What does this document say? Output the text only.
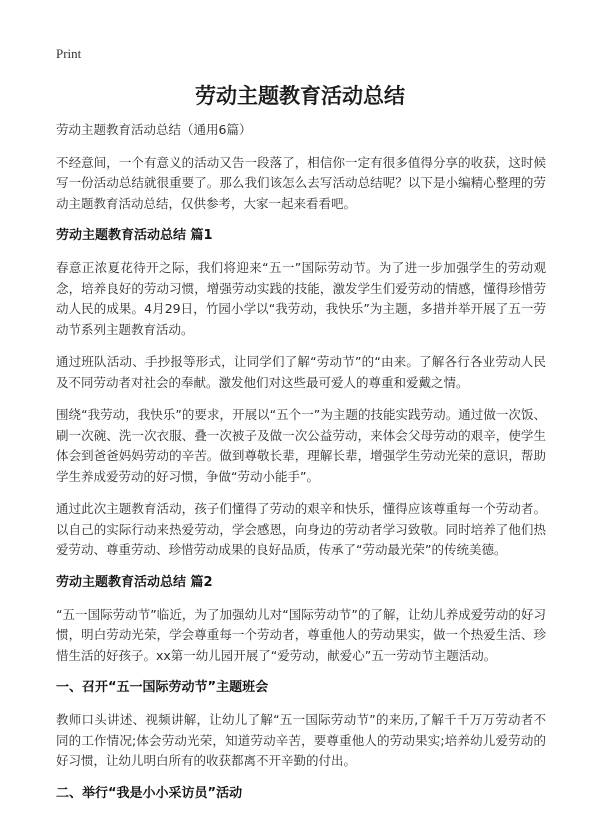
Print
劳动主题教育活动总结

劳动主题教育活动总结（通用6篇）

不经意间，一个有意义的活动又告一段落了，相信你一定有很多值得分享的收获，这时候写一份活动总结就很重要了。那么我们该怎么去写活动总结呢？以下是小编精心整理的劳动主题教育活动总结，仅供参考，大家一起来看看吧。

劳动主题教育活动总结 篇1

春意正浓夏花待开之际，我们将迎来“五一”国际劳动节。为了进一步加强学生的劳动观念，培养良好的劳动习惯，增强劳动实践的技能，激发学生们爱劳动的情感，懂得珍惜劳动人民的成果。4月29日，竹园小学以“我劳动，我快乐”为主题，多措并举开展了五一劳动节系列主题教育活动。

通过班队活动、手抄报等形式，让同学们了解“劳动节”的“由来。了解各行各业劳动人民及不同劳动者对社会的奉献。激发他们对这些最可爱人的尊重和爱戴之情。

围绕“我劳动，我快乐”的要求，开展以“五个一”为主题的技能实践劳动。通过做一次饭、刷一次碗、洗一次衣服、叠一次被子及做一次公益劳动，来体会父母劳动的艰辛，使学生体会到爸爸妈妈劳动的辛苦。做到尊敬长辈，理解长辈，增强学生劳动光荣的意识，帮助学生养成爱劳动的好习惯，争做“劳动小能手”。

通过此次主题教育活动，孩子们懂得了劳动的艰辛和快乐，懂得应该尊重每一个劳动者。以自己的实际行动来热爱劳动，学会感恩，向身边的劳动者学习致敬。同时培养了他们热爱劳动、尊重劳动、珍惜劳动成果的良好品质，传承了“劳动最光荣”的传统美德。

劳动主题教育活动总结 篇2

“五一国际劳动节”临近，为了加强幼儿对“国际劳动节”的了解，让幼儿养成爱劳动的好习惯，明白劳动光荣，学会尊重每一个劳动者，尊重他人的劳动果实，做一个热爱生活、珍惜生活的好孩子。xx第一幼儿园开展了“爱劳动，献爱心”五一劳动节主题活动。

一、召开“五一国际劳动节”主题班会

教师口头讲述、视频讲解，让幼儿了解“五一国际劳动节”的来历,了解千千万万劳动者不同的工作情况;体会劳动光荣，知道劳动辛苦，要尊重他人的劳动果实;培养幼儿爱劳动的好习惯，让幼儿明白所有的收获都离不开辛勤的付出。

二、举行“我是小小采访员”活动
